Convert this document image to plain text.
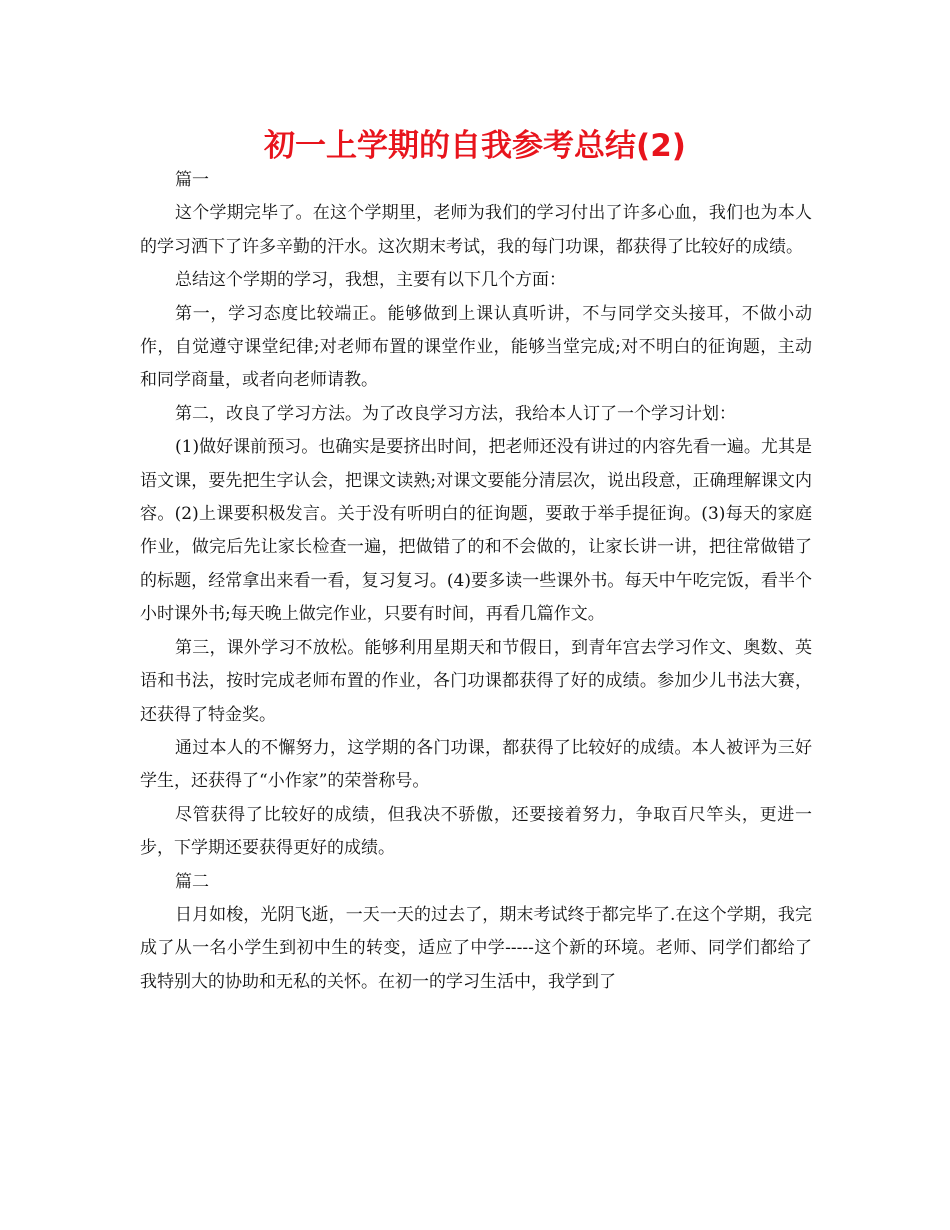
初一上学期的自我参考总结(2)

篇一

这个学期完毕了。在这个学期里，老师为我们的学习付出了许多心血，我们也为本人的学习洒下了许多辛勤的汗水。这次期末考试，我的每门功课，都获得了比较好的成绩。

总结这个学期的学习，我想，主要有以下几个方面：

第一，学习态度比较端正。能够做到上课认真听讲，不与同学交头接耳，不做小动作，自觉遵守课堂纪律;对老师布置的课堂作业，能够当堂完成;对不明白的征询题，主动和同学商量，或者向老师请教。

第二，改良了学习方法。为了改良学习方法，我给本人订了一个学习计划：

(1)做好课前预习。也确实是要挤出时间，把老师还没有讲过的内容先看一遍。尤其是语文课，要先把生字认会，把课文读熟;对课文要能分清层次，说出段意，正确理解课文内容。(2)上课要积极发言。关于没有听明白的征询题，要敢于举手提征询。(3)每天的家庭作业，做完后先让家长检查一遍，把做错了的和不会做的，让家长讲一讲，把往常做错了的标题，经常拿出来看一看，复习复习。(4)要多读一些课外书。每天中午吃完饭，看半个小时课外书;每天晚上做完作业，只要有时间，再看几篇作文。

第三，课外学习不放松。能够利用星期天和节假日，到青年宫去学习作文、奥数、英语和书法，按时完成老师布置的作业，各门功课都获得了好的成绩。参加少儿书法大赛，还获得了特金奖。

通过本人的不懈努力，这学期的各门功课，都获得了比较好的成绩。本人被评为三好学生，还获得了“小作家”的荣誉称号。

尽管获得了比较好的成绩，但我决不骄傲，还要接着努力，争取百尺竿头，更进一步，下学期还要获得更好的成绩。

篇二

日月如梭，光阴飞逝，一天一天的过去了，期末考试终于都完毕了.在这个学期，我完成了从一名小学生到初中生的转变，适应了中学-----这个新的环境。老师、同学们都给了我特别大的协助和无私的关怀。在初一的学习生活中，我学到了
